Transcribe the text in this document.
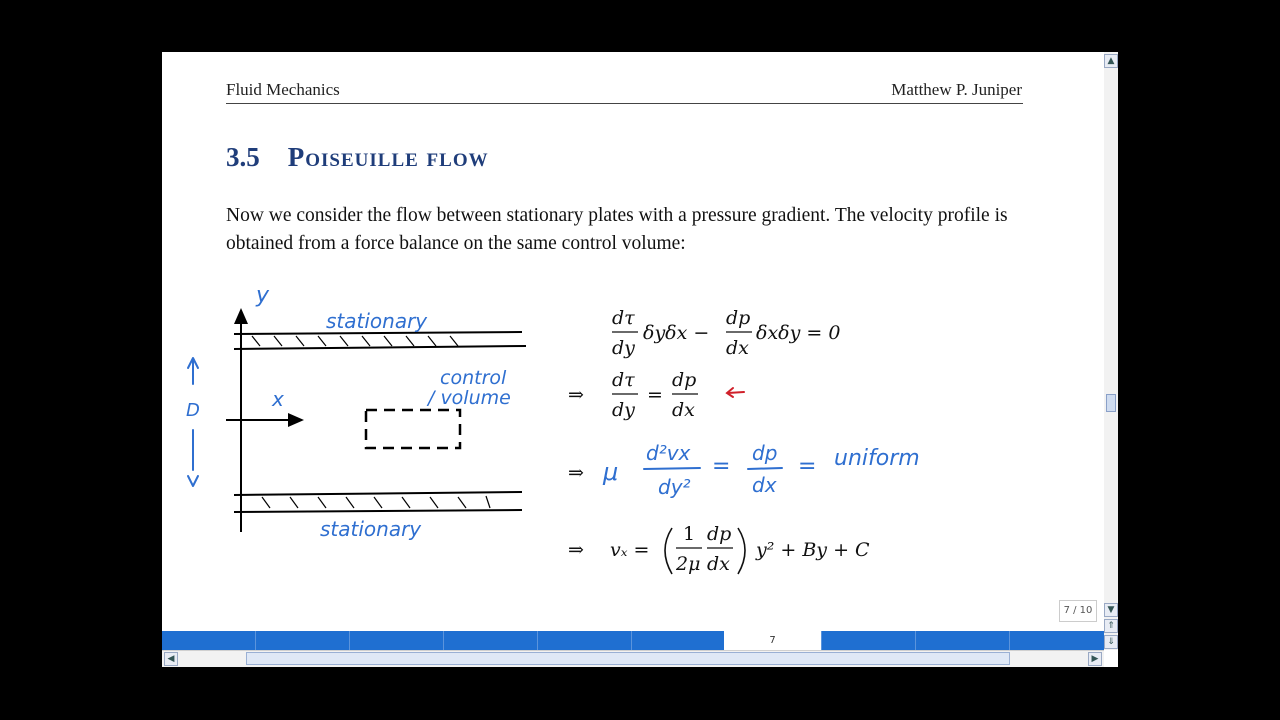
Fluid Mechanics	Matthew P. Juniper
3.5 Poiseuille flow
Now we consider the flow between stationary plates with a pressure gradient. The velocity profile is obtained from a force balance on the same control volume:
y
x
D
stationary
stationary
control
/ volume
dτ
dy
δyδx −
dp
dx
δxδy = 0
⇒
dτ
dy
=
dp
dx
⇒ μ
d²vx
dy²
=
dp
dx
= uniform
⇒ vₓ =
1
2μ
dp
dx
y² + By + C
7 / 10
7
▲
▼
⇑
⇓
◀	▶
